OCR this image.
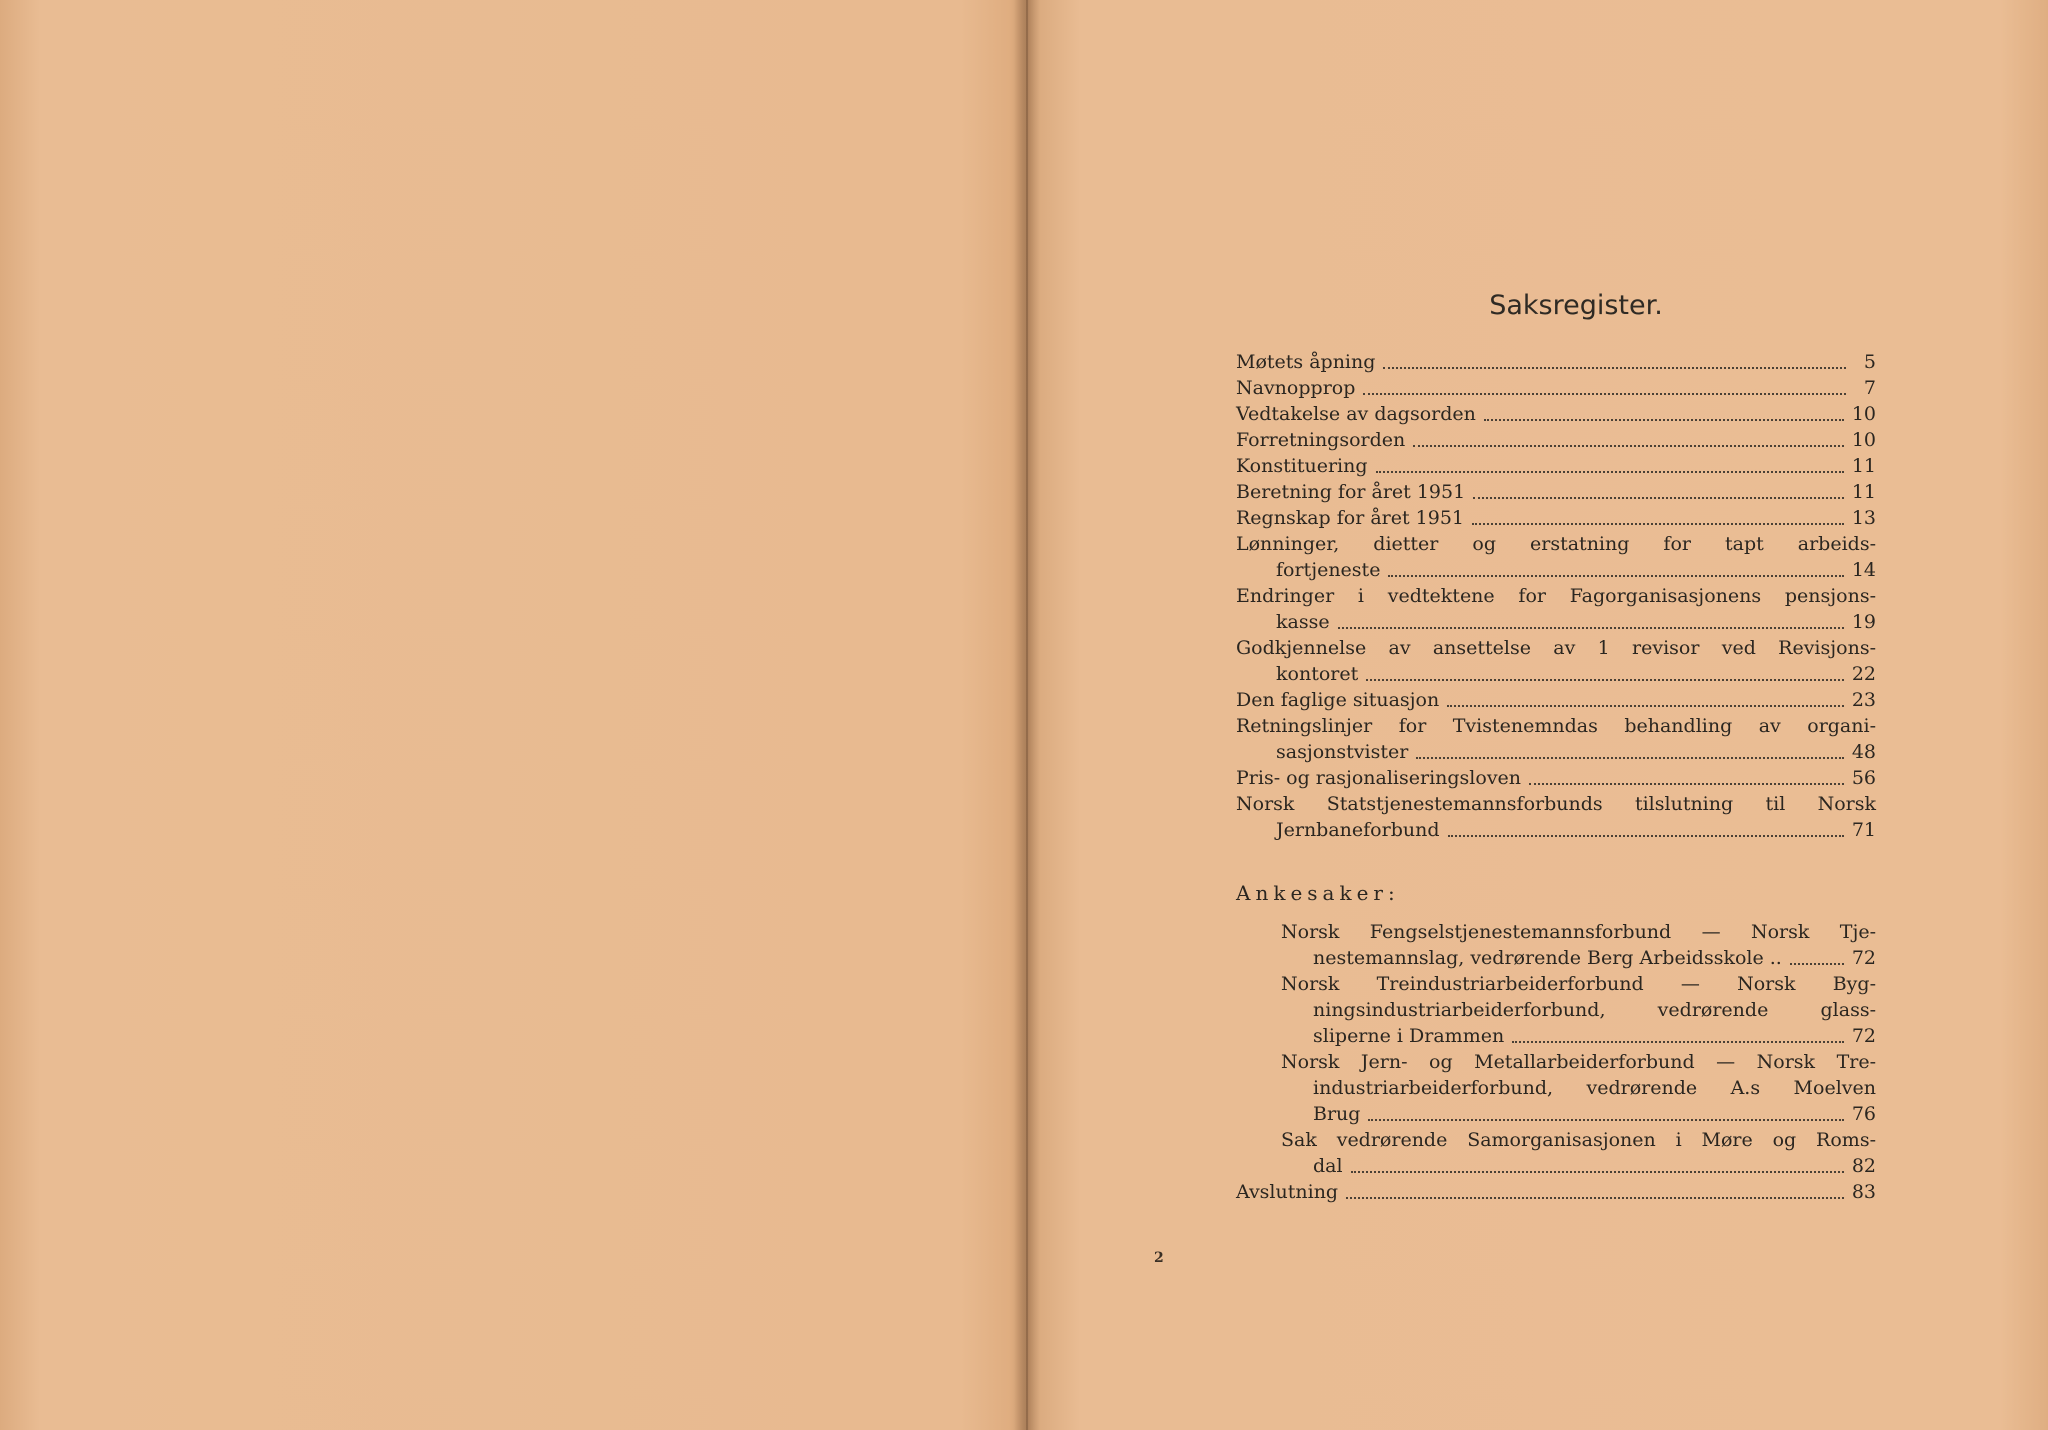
2
Saksregister.
Møtets åpning	5
Navnopprop	7
Vedtakelse av dagsorden	10
Forretningsorden	10
Konstituering	11
Beretning for året 1951	11
Regnskap for året 1951	13
Lønninger, dietter og erstatning for tapt arbeids-
fortjeneste	14
Endringer i vedtektene for Fagorganisasjonens pensjons-
kasse	19
Godkjennelse av ansettelse av 1 revisor ved Revisjons-
kontoret	22
Den faglige situasjon	23
Retningslinjer for Tvistenemndas behandling av organi-
sasjonstvister	48
Pris- og rasjonaliseringsloven	56
Norsk Statstjenestemannsforbunds tilslutning til Norsk
Jernbaneforbund	71
Ankesaker:
Norsk Fengselstjenestemannsforbund — Norsk Tje-
nestemannslag, vedrørende Berg Arbeidsskole ..	72
Norsk Treindustriarbeiderforbund — Norsk Byg-
ningsindustriarbeiderforbund, vedrørende glass-
sliperne i Drammen	72
Norsk Jern- og Metallarbeiderforbund — Norsk Tre-
industriarbeiderforbund, vedrørende A.s Moelven
Brug	76
Sak vedrørende Samorganisasjonen i Møre og Roms-
dal	82
Avslutning	83
